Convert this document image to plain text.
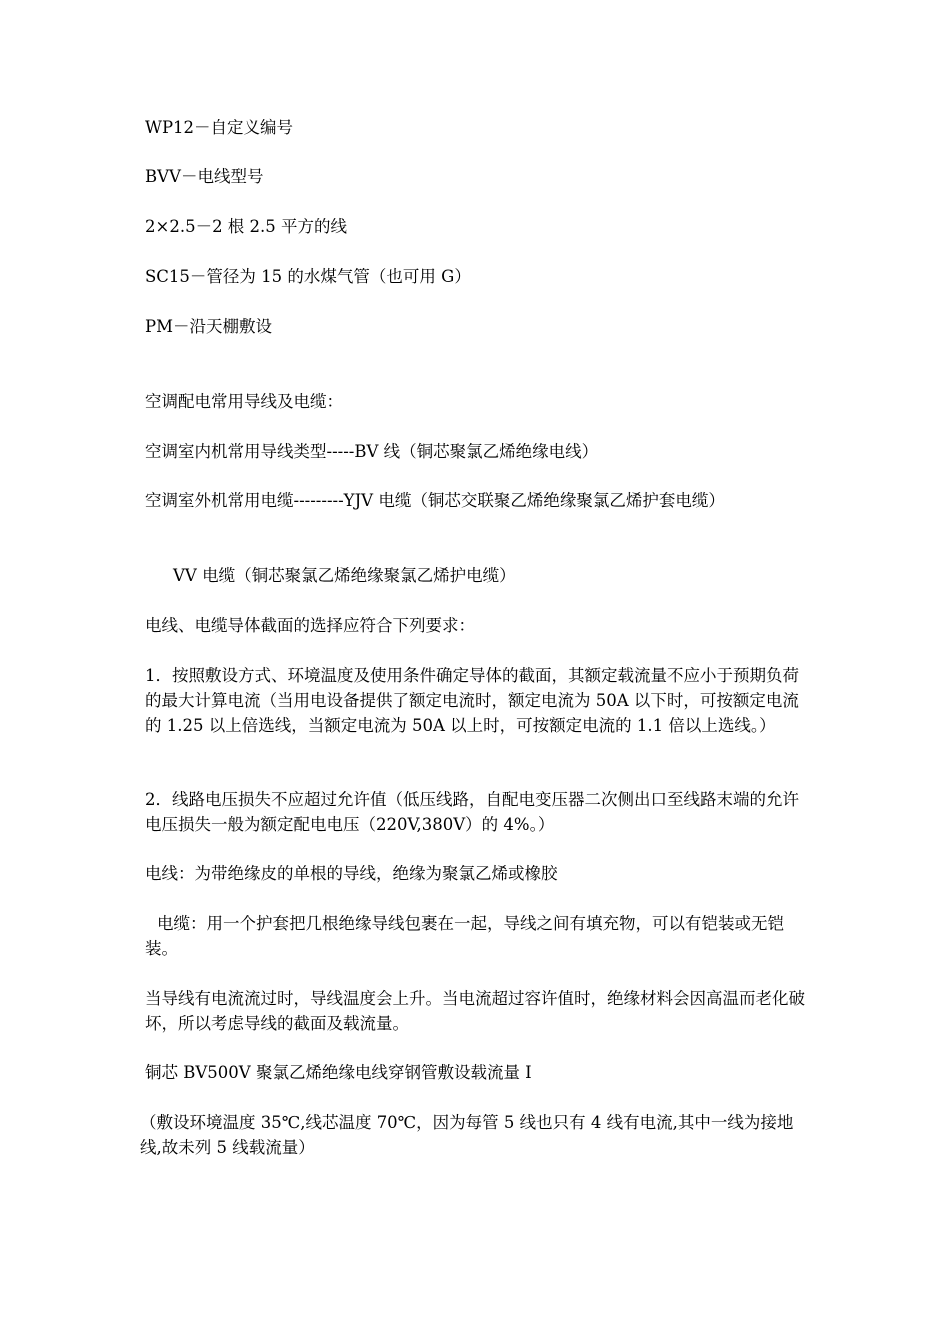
WP12－自定义编号

BVV－电线型号

2×2.5－2 根 2.5 平方的线

SC15－管径为 15 的水煤气管（也可用 G）

PM－沿天棚敷设

空调配电常用导线及电缆：

空调室内机常用导线类型-----BV 线（铜芯聚氯乙烯绝缘电线）

空调室外机常用电缆---------YJV 电缆（铜芯交联聚乙烯绝缘聚氯乙烯护套电缆）

VV 电缆（铜芯聚氯乙烯绝缘聚氯乙烯护电缆）

电线、电缆导体截面的选择应符合下列要求：

1．按照敷设方式、环境温度及使用条件确定导体的截面，其额定载流量不应小于预期负荷的最大计算电流（当用电设备提供了额定电流时，额定电流为 50A 以下时，可按额定电流的 1.25 以上倍选线，当额定电流为 50A 以上时，可按额定电流的 1.1 倍以上选线。）

2．线路电压损失不应超过允许值（低压线路，自配电变压器二次侧出口至线路末端的允许电压损失一般为额定配电电压（220V,380V）的 4%。）

电线：为带绝缘皮的单根的导线，绝缘为聚氯乙烯或橡胶

电缆：用一个护套把几根绝缘导线包裹在一起，导线之间有填充物，可以有铠装或无铠装。

当导线有电流流过时，导线温度会上升。当电流超过容许值时，绝缘材料会因高温而老化破坏，所以考虑导线的截面及载流量。

铜芯 BV500V 聚氯乙烯绝缘电线穿钢管敷设载流量 I

（敷设环境温度 35℃,线芯温度 70℃，因为每管 5 线也只有 4 线有电流,其中一线为接地线,故未列 5 线载流量）
